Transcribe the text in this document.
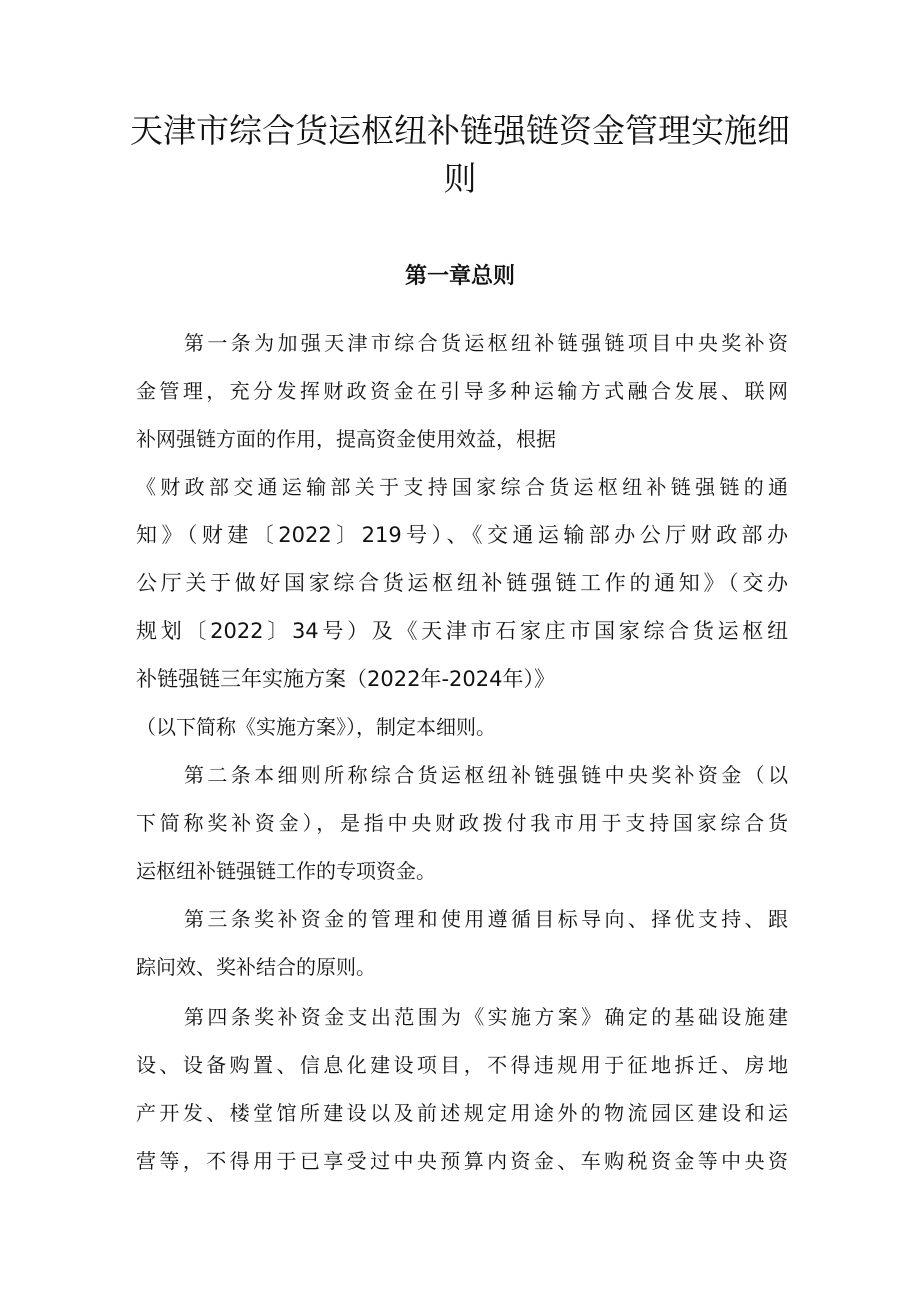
天津市综合货运枢纽补链强链资金管理实施细
则
第一章总则

第一条为加强天津市综合货运枢纽补链强链项目中央奖补资

金管理，充分发挥财政资金在引导多种运输方式融合发展、联网

补网强链方面的作用，提高资金使用效益，根据

《财政部交通运输部关于支持国家综合货运枢纽补链强链的通

知》（财建〔2022〕219号）、《交通运输部办公厅财政部办

公厅关于做好国家综合货运枢纽补链强链工作的通知》（交办

规划〔2022〕34号）及《天津市石家庄市国家综合货运枢纽

补链强链三年实施方案（2022年-2024年）》

（以下简称《实施方案》），制定本细则。

第二条本细则所称综合货运枢纽补链强链中央奖补资金（以

下简称奖补资金），是指中央财政拨付我市用于支持国家综合货

运枢纽补链强链工作的专项资金。

第三条奖补资金的管理和使用遵循目标导向、择优支持、跟

踪问效、奖补结合的原则。

第四条奖补资金支出范围为《实施方案》确定的基础设施建

设、设备购置、信息化建设项目，不得违规用于征地拆迁、房地

产开发、楼堂馆所建设以及前述规定用途外的物流园区建设和运

营等，不得用于已享受过中央预算内资金、车购税资金等中央资
